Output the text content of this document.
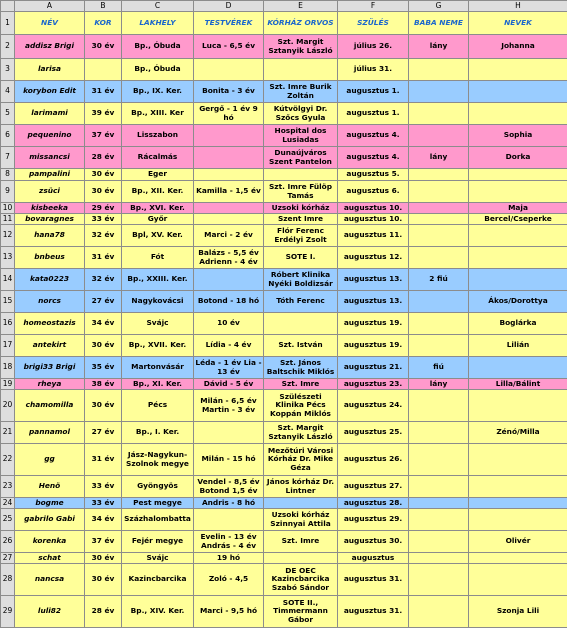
	A	B	C	D	E	F	G	H
1	NÉV	KOR	LAKHELY	TESTVÉREK	KÓRHÁZ ORVOS	SZÜLÉS	BABA NEME	NEVEK
2	addisz Brigi	30 év	Bp., Óbuda	Luca - 6,5 év	Szt. Margit Sztanyik László	július 26.	lány	Johanna
3	larisa		Bp., Óbuda			július 31.		
4	korybon Edit	31 év	Bp., IX. Ker.	Bonita - 3 év	Szt. Imre Burik Zoltán	augusztus 1.		
5	larimami	39 év	Bp., XIII. Ker	Gergő - 1 év 9 hó	Kútvölgyi Dr. Szőcs Gyula	augusztus 1.		
6	pequenino	37 év	Lisszabon		Hospital dos Lusiadas	augusztus 4.		Sophia
7	missancsi	28 év	Rácalmás		Dunaújváros Szent Pantelon	augusztus 4.	lány	Dorka
8	pampalini	30 év	Eger			augusztus 5.		
9	zsüci	30 év	Bp., XII. Ker.	Kamilla - 1,5 év	Szt. Imre Fülöp Tamás	augusztus 6.		
10	kisbeeka	29 év	Bp., XVI. Ker.		Uzsoki kórház	augusztus 10.		Maja
11	bovaragnes	33 év	Győr		Szent Imre	augusztus 10.		Bercel/Cseperke
12	hana78	32 év	Bpl, XV. Ker.	Marci - 2 év	Flór Ferenc Erdélyi Zsolt	augusztus 11.		
13	bnbeus	31 év	Fót	Balázs - 5,5 év Adrienn - 4 év	SOTE I.	augusztus 12.		
14	kata0223	32 év	Bp., XXIII. Ker.		Róbert Klinika Nyéki Boldizsár	augusztus 13.	2 fiú	
15	norcs	27 év	Nagykovácsi	Botond - 18 hó	Tóth Ferenc	augusztus 13.		Ákos/Dorottya
16	homeostazis	34 év	Svájc	10 év		augusztus 19.		Boglárka
17	antekirt	30 év	Bp., XVII. Ker.	Lídia - 4 év	Szt. István	augusztus 19.		Lilián
18	brigi33 Brigi	35 év	Martonvásár	Léda - 1 év Lia - 13 év	Szt. János Baltschik Miklós	augusztus 21.	fiú	
19	rheya	38 év	Bp., XI. Ker.	Dávid - 5 év	Szt. Imre	augusztus 23.	lány	Lilla/Bálint
20	chamomilla	30 év	Pécs	Milán - 6,5 év Martin - 3 év	Szülészeti Klinika Pécs Koppán Miklós	augusztus 24.		
21	pannamol	27 év	Bp., I. Ker.		Szt. Margit Sztanyik László	augusztus 25.		Zénó/Milla
22	gg	31 év	Jász-Nagykun-Szolnok megye	Milán - 15 hó	Mezőtúri Városi Kórház Dr. Mike Géza	augusztus 26.		
23	Henö	33 év	Gyöngyös	Vendel - 8,5 év Botond 1,5 év	János kórház Dr. Lintner	augusztus 27.		
24	bogme	33 év	Pest megye	Andris - 8 hó		augusztus 28.		
25	gabrilo Gabi	34 év	Százhalombatta		Uzsoki kórház Szinnyai Attila	augusztus 29.		
26	korenka	37 év	Fejér megye	Evelin - 13 év András - 4 év	Szt. Imre	augusztus 30.		Olivér
27	schat	30 év	Svájc	19 hó		augusztus		
28	nancsa	30 év	Kazincbarcika	Zoló - 4,5	DE OEC Kazincbarcika Szabó Sándor	augusztus 31.		
29	luli82	28 év	Bp., XIV. Ker.	Marci - 9,5 hó	SOTE II., Timmermann Gábor	augusztus 31.		Szonja Lili
